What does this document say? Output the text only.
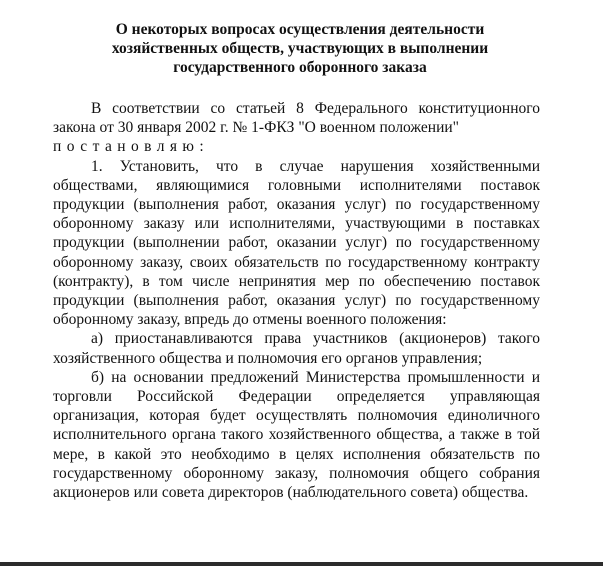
О некоторых вопросах осуществления деятельности
хозяйственных обществ, участвующих в выполнении
государственного оборонного заказа
В соответствии со статьей 8 Федерального конституционного закона от 30 января 2002 г. № 1-ФКЗ "О военном положении"
постановляю:

1. Установить, что в случае нарушения хозяйственными обществами, являющимися головными исполнителями поставок продукции (выполнения работ, оказания услуг) по государственному оборонному заказу или исполнителями, участвующими в поставках продукции (выполнении работ, оказании услуг) по государственному оборонному заказу, своих обязательств по государственному контракту (контракту), в том числе непринятия мер по обеспечению поставок продукции (выполнения работ, оказания услуг) по государственному оборонному заказу, впредь до отмены военного положения:

а) приостанавливаются права участников (акционеров) такого хозяйственного общества и полномочия его органов управления;

б) на основании предложений Министерства промышленности и торговли Российской Федерации определяется управляющая организация, которая будет осуществлять полномочия единоличного исполнительного органа такого хозяйственного общества, а также в той мере, в какой это необходимо в целях исполнения обязательств по государственному оборонному заказу, полномочия общего собрания акционеров или совета директоров (наблюдательного совета) общества.
